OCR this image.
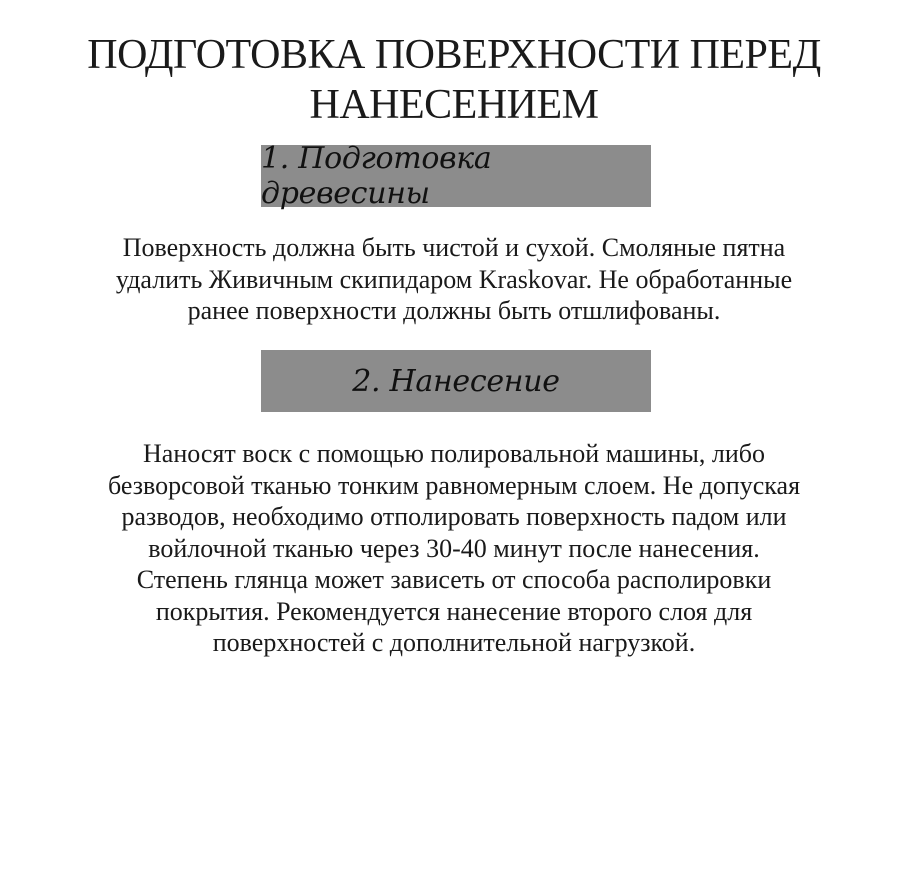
ПОДГОТОВКА ПОВЕРХНОСТИ ПЕРЕД
НАНЕСЕНИЕМ
1. Подготовка древесины

Поверхность должна быть чистой и сухой. Смоляные пятна
удалить Живичным скипидаром Kraskovar. Не обработанные
ранее поверхности должны быть отшлифованы.

2. Нанесение

Наносят воск с помощью полировальной машины, либо
безворсовой тканью тонким равномерным слоем. Не допуская
разводов, необходимо отполировать поверхность падом или
войлочной тканью через 30-40 минут после нанесения.
Степень глянца может зависеть от способа располировки
покрытия. Рекомендуется нанесение второго слоя для
поверхностей с дополнительной нагрузкой.
